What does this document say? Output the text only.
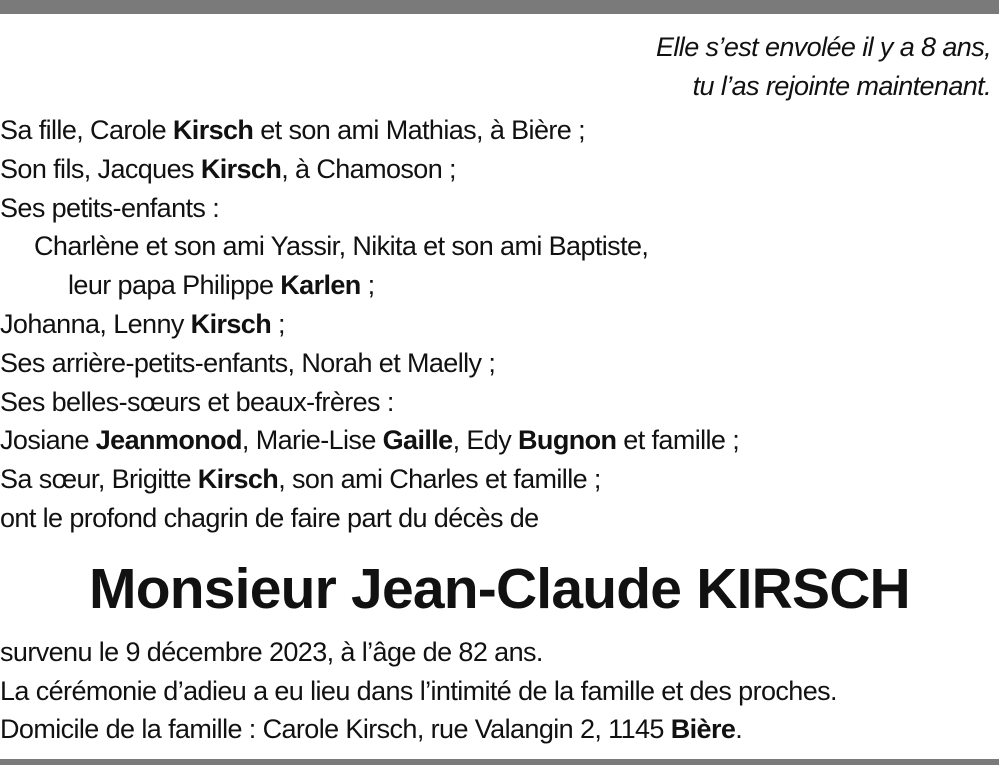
Elle s’est envolée il y a 8 ans,
tu l’as rejointe maintenant.
Sa fille, Carole Kirsch et son ami Mathias, à Bière ;
Son fils, Jacques Kirsch, à Chamoson ;
Ses petits-enfants :
Charlène et son ami Yassir, Nikita et son ami Baptiste,
leur papa Philippe Karlen ;
Johanna, Lenny Kirsch ;
Ses arrière-petits-enfants, Norah et Maelly ;
Ses belles-sœurs et beaux-frères :
Josiane Jeanmonod, Marie-Lise Gaille, Edy Bugnon et famille ;
Sa sœur, Brigitte Kirsch, son ami Charles et famille ;
ont le profond chagrin de faire part du décès de
Monsieur Jean-Claude KIRSCH
survenu le 9 décembre 2023, à l’âge de 82 ans.
La cérémonie d’adieu a eu lieu dans l’intimité de la famille et des proches.
Domicile de la famille : Carole Kirsch, rue Valangin 2, 1145 Bière.
